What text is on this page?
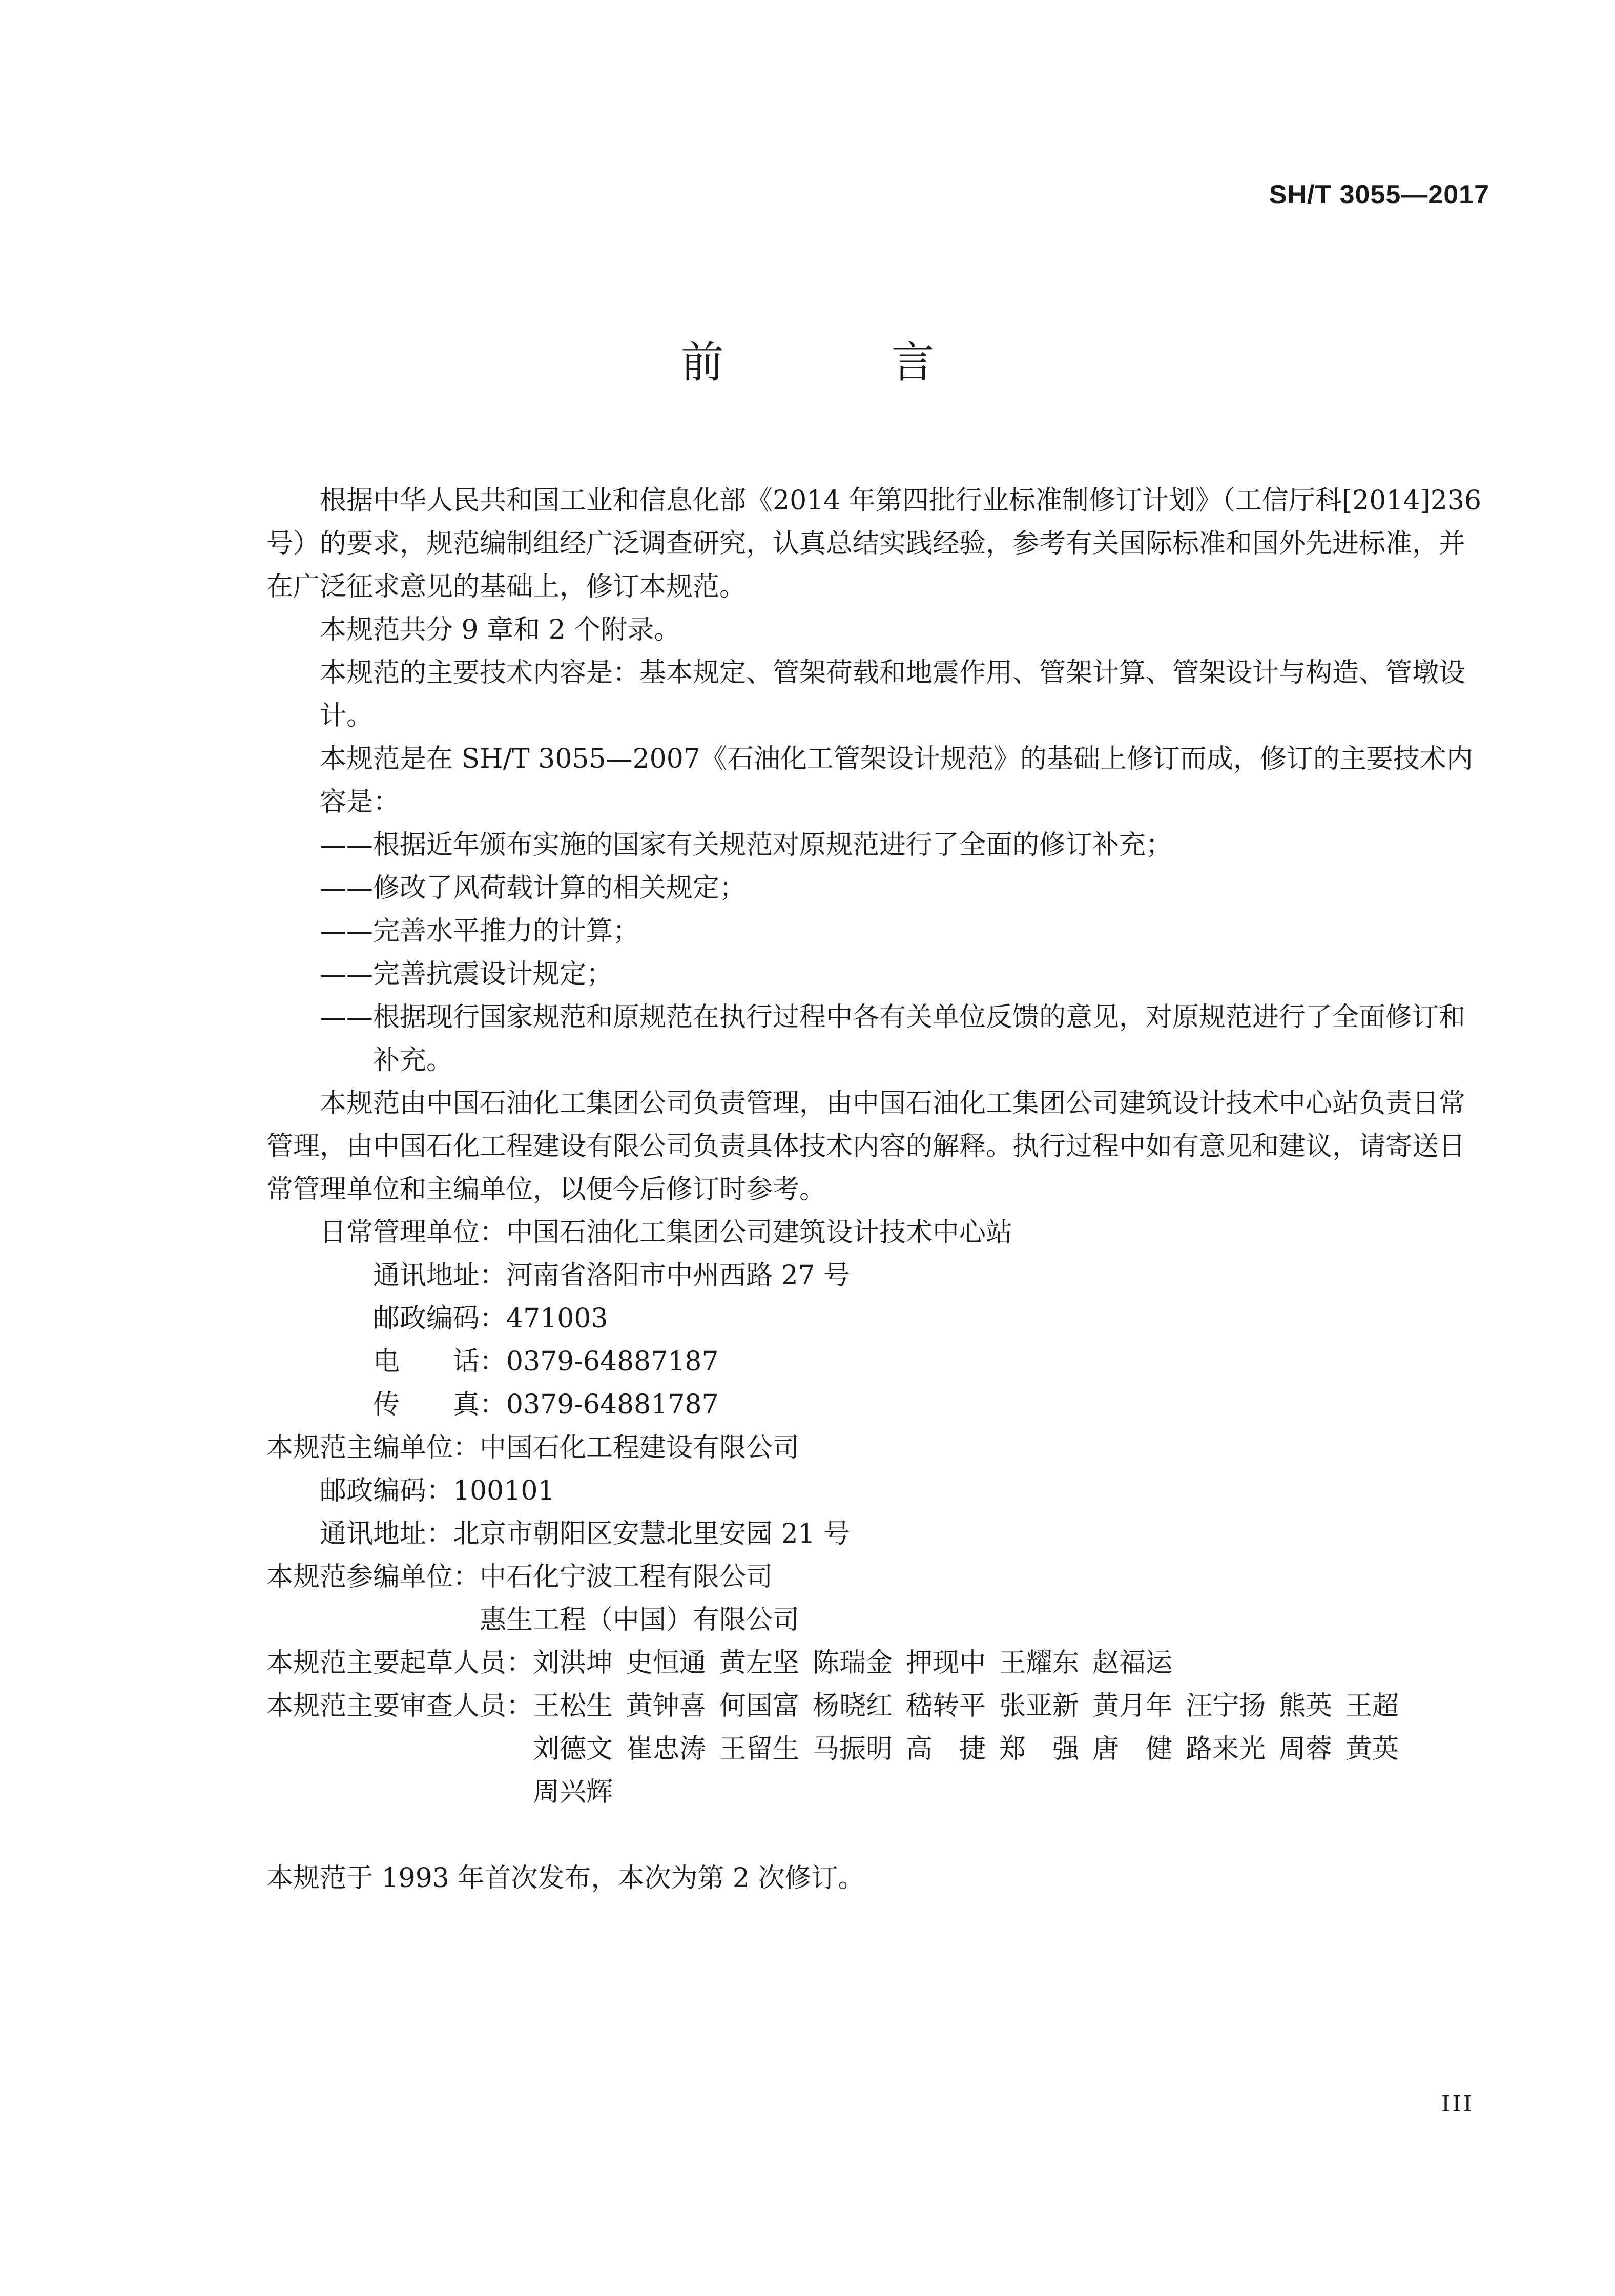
SH/T 3055—2017
前 言
根据中华人民共和国工业和信息化部《2014 年第四批行业标准制修订计划》（工信厅科[2014]236
号）的要求，规范编制组经广泛调查研究，认真总结实践经验，参考有关国际标准和国外先进标准，并
在广泛征求意见的基础上，修订本规范。
本规范共分 9 章和 2 个附录。
本规范的主要技术内容是：基本规定、管架荷载和地震作用、管架计算、管架设计与构造、管墩设计。
本规范是在 SH/T 3055—2007《石油化工管架设计规范》的基础上修订而成，修订的主要技术内容是：
——根据近年颁布实施的国家有关规范对原规范进行了全面的修订补充；
——修改了风荷载计算的相关规定；
——完善水平推力的计算；
——完善抗震设计规定；
——根据现行国家规范和原规范在执行过程中各有关单位反馈的意见，对原规范进行了全面修订和
补充。
本规范由中国石油化工集团公司负责管理，由中国石油化工集团公司建筑设计技术中心站负责日常
管理，由中国石化工程建设有限公司负责具体技术内容的解释。执行过程中如有意见和建议，请寄送日
常管理单位和主编单位，以便今后修订时参考。
日常管理单位：中国石油化工集团公司建筑设计技术中心站
通讯地址：河南省洛阳市中州西路 27 号
邮政编码：471003
电　　话：0379-64887187
传　　真：0379-64881787
本规范主编单位：中国石化工程建设有限公司
邮政编码：100101
通讯地址：北京市朝阳区安慧北里安园 21 号
本规范参编单位： 中石化宁波工程有限公司
惠生工程（中国）有限公司
本规范主要起草人员： 刘洪坤 史恒通 黄左坚 陈瑞金 押现中 王耀东 赵福运
本规范主要审查人员： 王松生 黄钟喜 何国富 杨晓红 嵇转平 张亚新 黄月年 汪宁扬 熊英 王超
刘德文 崔忠涛 王留生 马振明 高　捷 郑　强 唐　健 路来光 周蓉 黄英
周兴辉
本规范于 1993 年首次发布，本次为第 2 次修订。
III
